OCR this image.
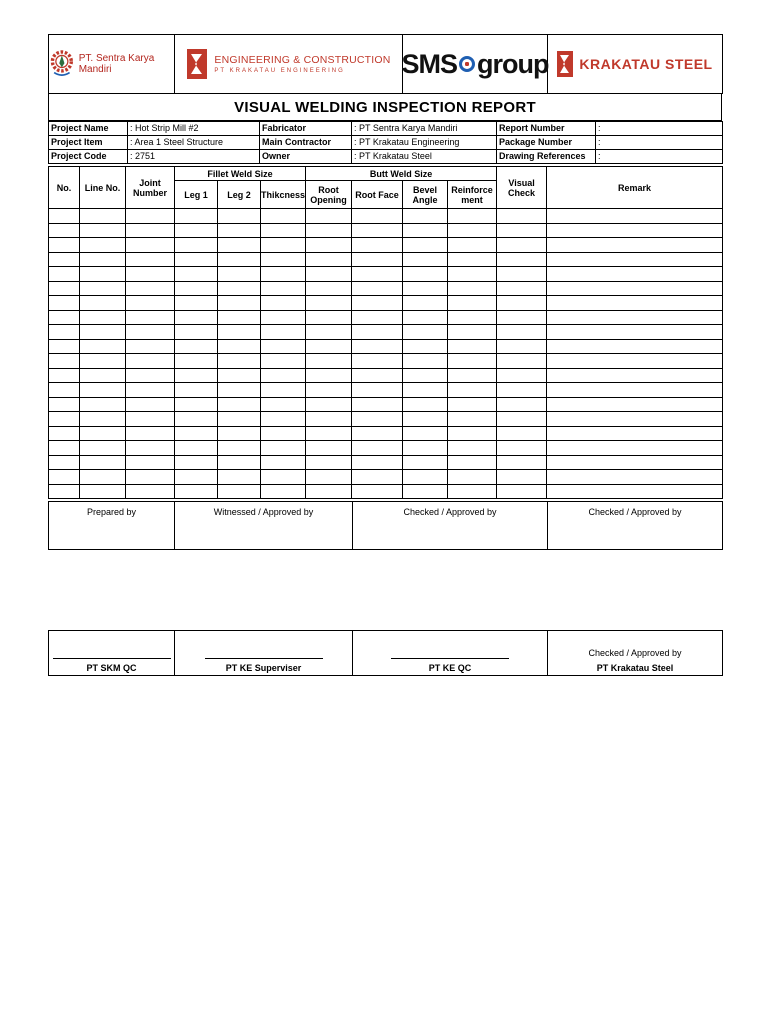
PT. Sentra Karya Mandiri

ENGINEERING & CONSTRUCTION
PT KRAKATAU ENGINEERING	SMS group	KRAKATAU STEEL
VISUAL WELDING INSPECTION REPORT
Project Name	: Hot Strip Mill #2	Fabricator	: PT Sentra Karya Mandiri	Report Number	:
Project Item	: Area 1 Steel Structure	Main Contractor	: PT Krakatau Engineering	Package Number	:
Project Code	: 2751	Owner	: PT Krakatau Steel	Drawing References	:
No.	Line No.	Joint Number	Fillet Weld Size			Butt Weld Size				Visual Check	Remark
			Leg 1	Leg 2	Thikcness	Root Opening	Root Face	Bevel Angle	Reinforce ment		

Prepared by	Witnessed / Approved by	Checked / Approved by	Checked / Approved by

PT SKM QC	PT KE Superviser	PT KE QC	Checked / Approved by
PT Krakatau Steel
